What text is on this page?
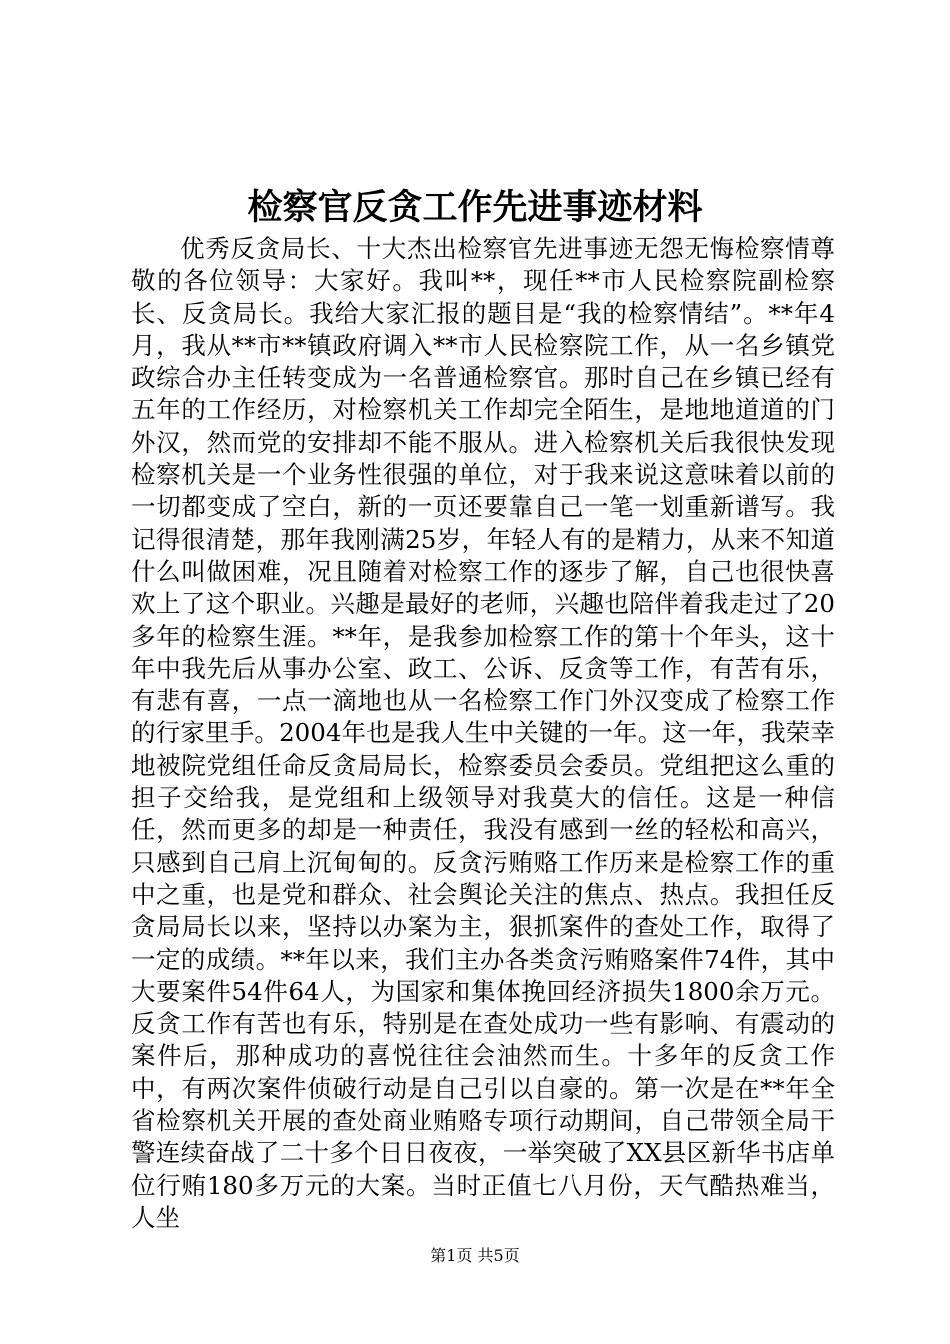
检察官反贪工作先进事迹材料

优秀反贪局长、十大杰出检察官先进事迹无怨无悔检察情尊敬的各位领导：大家好。我叫**，现任**市人民检察院副检察长、反贪局长。我给大家汇报的题目是“我的检察情结”。**年4月，我从**市**镇政府调入**市人民检察院工作，从一名乡镇党政综合办主任转变成为一名普通检察官。那时自己在乡镇已经有五年的工作经历，对检察机关工作却完全陌生，是地地道道的门外汉，然而党的安排却不能不服从。进入检察机关后我很快发现检察机关是一个业务性很强的单位，对于我来说这意味着以前的一切都变成了空白，新的一页还要靠自己一笔一划重新谱写。我记得很清楚，那年我刚满25岁，年轻人有的是精力，从来不知道什么叫做困难，况且随着对检察工作的逐步了解，自己也很快喜欢上了这个职业。兴趣是最好的老师，兴趣也陪伴着我走过了20多年的检察生涯。**年，是我参加检察工作的第十个年头，这十年中我先后从事办公室、政工、公诉、反贪等工作，有苦有乐，有悲有喜，一点一滴地也从一名检察工作门外汉变成了检察工作的行家里手。2004年也是我人生中关键的一年。这一年，我荣幸地被院党组任命反贪局局长，检察委员会委员。党组把这么重的担子交给我，是党组和上级领导对我莫大的信任。这是一种信任，然而更多的却是一种责任，我没有感到一丝的轻松和高兴，只感到自己肩上沉甸甸的。反贪污贿赂工作历来是检察工作的重中之重，也是党和群众、社会舆论关注的焦点、热点。我担任反贪局局长以来，坚持以办案为主，狠抓案件的查处工作，取得了一定的成绩。**年以来，我们主办各类贪污贿赂案件74件，其中大要案件54件64人，为国家和集体挽回经济损失1800余万元。反贪工作有苦也有乐，特别是在查处成功一些有影响、有震动的案件后，那种成功的喜悦往往会油然而生。十多年的反贪工作中，有两次案件侦破行动是自己引以自豪的。第一次是在**年全省检察机关开展的查处商业贿赂专项行动期间，自己带领全局干警连续奋战了二十多个日日夜夜，一举突破了XX县区新华书店单位行贿180多万元的大案。当时正值七八月份，天气酷热难当，人坐

第1页 共5页
